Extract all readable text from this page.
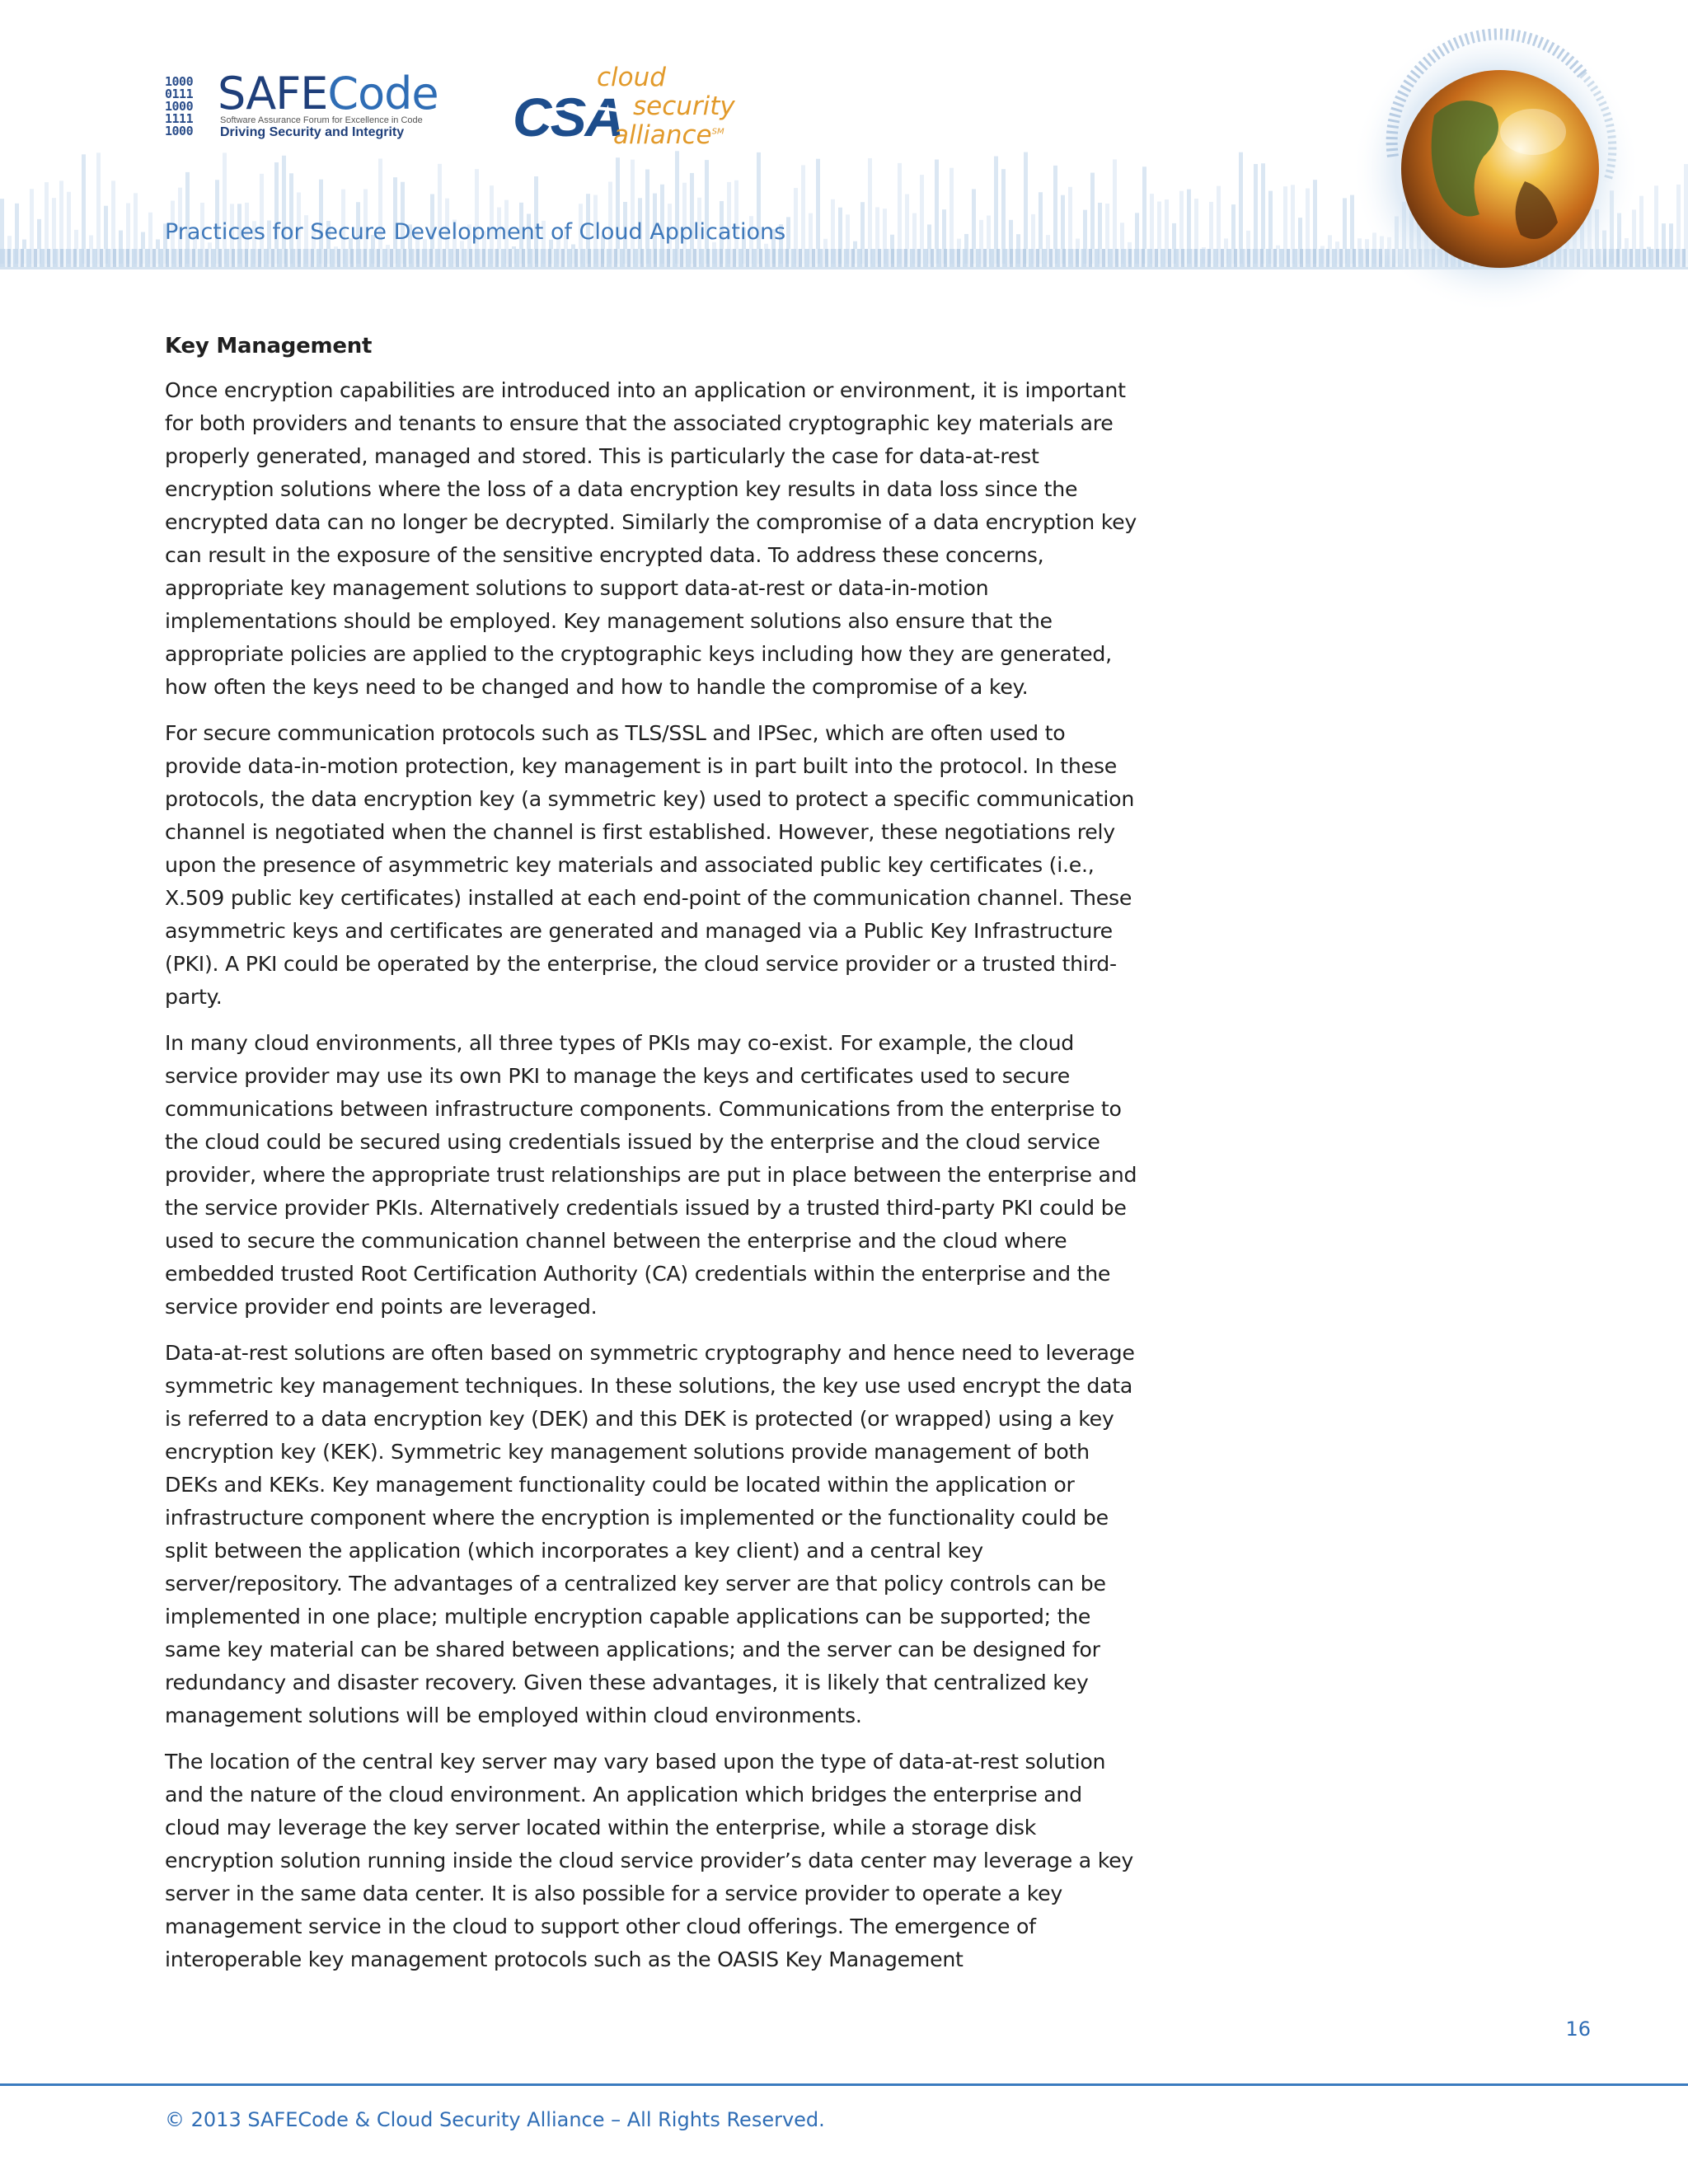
1000
0111
1000
1111
1000
SAFECode
Software Assurance Forum for Excellence in Code
Driving Security and Integrity CSA
cloud
security
alliance℠
Practices for Secure Development of Cloud Applications
Key Management

Once encryption capabilities are introduced into an application or environment, it is important for both providers and tenants to ensure that the associated cryptographic key materials are properly generated, managed and stored. This is particularly the case for data-at-rest encryption solutions where the loss of a data encryption key results in data loss since the encrypted data can no longer be decrypted. Similarly the compromise of a data encryption key can result in the exposure of the sensitive encrypted data. To address these concerns, appropriate key management solutions to support data-at-rest or data-in-motion implementations should be employed. Key management solutions also ensure that the appropriate policies are applied to the cryptographic keys including how they are generated, how often the keys need to be changed and how to handle the compromise of a key.

For secure communication protocols such as TLS/SSL and IPSec, which are often used to provide data-in-motion protection, key management is in part built into the protocol. In these protocols, the data encryption key (a symmetric key) used to protect a specific communication channel is negotiated when the channel is first established. However, these negotiations rely upon the presence of asymmetric key materials and associated public key certificates (i.e., X.509 public key certificates) installed at each end-point of the communication channel. These asymmetric keys and certificates are generated and managed via a Public Key Infrastructure (PKI). A PKI could be operated by the enterprise, the cloud service provider or a trusted third-party.

In many cloud environments, all three types of PKIs may co-exist. For example, the cloud service provider may use its own PKI to manage the keys and certificates used to secure communications between infrastructure components. Communications from the enterprise to the cloud could be secured using credentials issued by the enterprise and the cloud service provider, where the appropriate trust relationships are put in place between the enterprise and the service provider PKIs. Alternatively credentials issued by a trusted third-party PKI could be used to secure the communication channel between the enterprise and the cloud where embedded trusted Root Certification Authority (CA) credentials within the enterprise and the service provider end points are leveraged.

Data-at-rest solutions are often based on symmetric cryptography and hence need to leverage symmetric key management techniques. In these solutions, the key use used encrypt the data is referred to a data encryption key (DEK) and this DEK is protected (or wrapped) using a key encryption key (KEK). Symmetric key management solutions provide management of both DEKs and KEKs. Key management functionality could be located within the application or infrastructure component where the encryption is implemented or the functionality could be split between the application (which incorporates a key client) and a central key server/repository. The advantages of a centralized key server are that policy controls can be implemented in one place; multiple encryption capable applications can be supported; the same key material can be shared between applications; and the server can be designed for redundancy and disaster recovery. Given these advantages, it is likely that centralized key management solutions will be employed within cloud environments.

The location of the central key server may vary based upon the type of data-at-rest solution and the nature of the cloud environment. An application which bridges the enterprise and cloud may leverage the key server located within the enterprise, while a storage disk encryption solution running inside the cloud service provider’s data center may leverage a key server in the same data center. It is also possible for a service provider to operate a key management service in the cloud to support other cloud offerings. The emergence of interoperable key management protocols such as the OASIS Key Management

16
© 2013 SAFECode & Cloud Security Alliance – All Rights Reserved.
